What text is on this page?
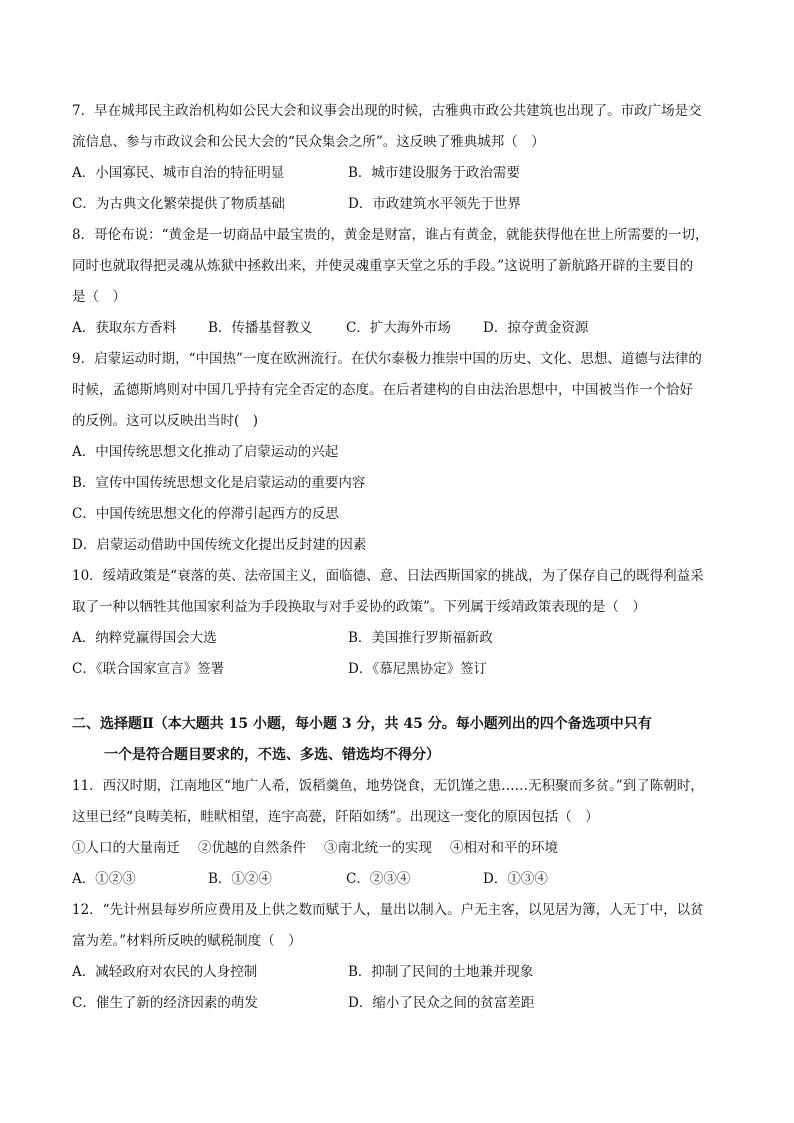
7．早在城邦民主政治机构如公民大会和议事会出现的时候，古雅典市政公共建筑也出现了。市政广场是交
流信息、参与市政议会和公民大会的“民众集会之所”。这反映了雅典城邦（　）
A．小国寡民、城市自治的特征明显	B．城市建设服务于政治需要
C．为古典文化繁荣提供了物质基础	D．市政建筑水平领先于世界
8．哥伦布说：“黄金是一切商品中最宝贵的，黄金是财富，谁占有黄金，就能获得他在世上所需要的一切，
同时也就取得把灵魂从炼狱中拯救出来，并使灵魂重享天堂之乐的手段。”这说明了新航路开辟的主要目的
是（　）
A．获取东方香料	B．传播基督教义	C．扩大海外市场	D．掠夺黄金资源
9．启蒙运动时期，“中国热”一度在欧洲流行。在伏尔泰极力推崇中国的历史、文化、思想、道德与法律的
时候，孟德斯鸠则对中国几乎持有完全否定的态度。在后者建构的自由法治思想中，中国被当作一个恰好
的反例。这可以反映出当时(　)
A．中国传统思想文化推动了启蒙运动的兴起
B．宣传中国传统思想文化是启蒙运动的重要内容
C．中国传统思想文化的停滞引起西方的反思
D．启蒙运动借助中国传统文化提出反封建的因素
10．绥靖政策是“衰落的英、法帝国主义，面临德、意、日法西斯国家的挑战，为了保存自己的既得利益采
取了一种以牺牲其他国家利益为手段换取与对手妥协的政策”。下列属于绥靖政策表现的是（　）
A．纳粹党赢得国会大选	B．美国推行罗斯福新政
C．《联合国家宣言》签署	D．《慕尼黑协定》签订
二、选择题Ⅱ（本大题共 15 小题，每小题 3 分，共 45 分。每小题列出的四个备选项中只有
一个是符合题目要求的，不选、多选、错选均不得分）
11．西汉时期，江南地区“地广人希，饭稻羹鱼，地势饶食，无饥馑之患……无积聚而多贫。”到了陈朝时，
这里已经“良畴美柘，畦畎相望，连宇高甍，阡陌如绣”。出现这一变化的原因包括（　）
①人口的大量南迁 ②优越的自然条件 ③南北统一的实现 ④相对和平的环境
A．①②③	B．①②④	C．②③④	D．①③④
12．“先计州县每岁所应费用及上供之数而赋于人，量出以制入。户无主客，以见居为簿，人无丁中，以贫
富为差。”材料所反映的赋税制度（　）
A．减轻政府对农民的人身控制	B．抑制了民间的土地兼并现象
C．催生了新的经济因素的萌发	D．缩小了民众之间的贫富差距
